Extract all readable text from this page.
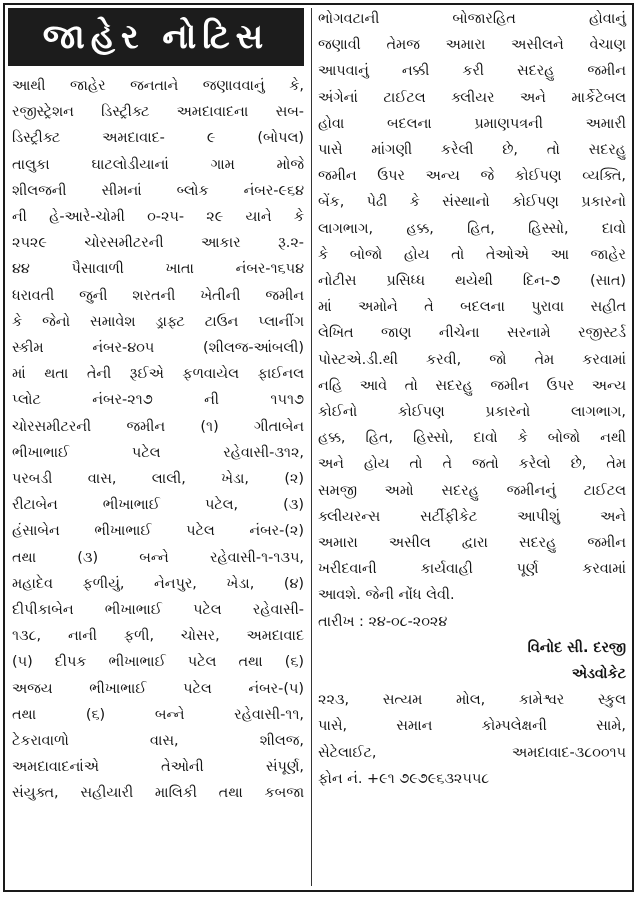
જાહેર નોટિસ
આથી જાહેર જનતાને જણાવવાનું કે,
રજીસ્ટ્રેશન ડિસ્ટ્રીક્ટ અમદાવાદના સબ-
ડિસ્ટ્રીક્ટ અમદાવાદ- ૯ (બોપલ)
તાલુકા ઘાટલોડીયાનાં ગામ મોજે
શીલજની સીમનાં બ્લોક નંબર-૯૬૪
ની હે-આરે-ચોમી ૦-૨૫- ૨૯ યાને કે
૨૫૨૯ ચોરસમીટરની આકાર રૂ.૨-
૪૪ પૈસાવાળી ખાતા નંબર-૧૬૫૪
ધરાવતી જુની શરતની ખેતીની જમીન
કે જેનો સમાવેશ ડ્રાફ્ટ ટાઉન પ્લાનીંગ
સ્કીમ નંબર-૪૦૫ (શીલજ-આંબલી)
માં થતા તેની રૂઈએ ફળવાયેલ ફાઈનલ
પ્લોટ નંબર-૨૧૭ ની ૧૫૧૭
ચોરસમીટરની જમીન (૧) ગીતાબેન
ભીખાભાઈ પટેલ રહેવાસી-૩૧૨,
પરબડી વાસ, લાલી, ખેડા, (૨)
રીટાબેન ભીખાભાઈ પટેલ, (૩)
હંસાબેન ભીખાભાઈ પટેલ નંબર-(૨)
તથા (૩) બન્ને રહેવાસી-૧-૧૩૫,
મહાદેવ ફળીયું, નેનપુર, ખેડા, (૪)
દીપીકાબેન ભીખાભાઈ પટેલ રહેવાસી-
૧૩૮, નાની ફળી, ચોસર, અમદાવાદ
(૫) દીપક ભીખાભાઈ પટેલ તથા (૬)
અજય ભીખાભાઈ પટેલ નંબર-(૫)
તથા (૬) બન્ને રહેવાસી-૧૧,
ટેકરાવાળો વાસ, શીલજ,
અમદાવાદનાંએ તેઓની સંપૂર્ણ,
સંયુક્ત, સહીયારી માલિકી તથા કબજા
ભોગવટાની બોજારહિત હોવાનું
જણાવી તેમજ અમારા અસીલને વેચાણ
આપવાનું નક્કી કરી સદરહુ જમીન
અંગેનાં ટાઈટલ ક્લીયર અને માર્કેટેબલ
હોવા બદલના પ્રમાણપત્રની અમારી
પાસે માંગણી કરેલી છે, તો સદરહુ
જમીન ઉપર અન્ય જે કોઈપણ વ્યક્તિ,
બેંક, પેઢી કે સંસ્થાનો કોઈપણ પ્રકારનો
લાગભાગ, હક્ક, હિત, હિસ્સો, દાવો
કે બોજો હોય તો તેઓએ આ જાહેર
નોટીસ પ્રસિધ્ધ થયેથી દિન-૭ (સાત)
માં અમોને તે બદલના પુરાવા સહીત
લેખિત જાણ નીચેના સરનામે રજીસ્ટર્ડ
પોસ્ટએ.ડી.થી કરવી, જો તેમ કરવામાં
નહિ આવે તો સદરહુ જમીન ઉપર અન્ય
કોઈનો કોઈપણ પ્રકારનો લાગભાગ,
હક્ક, હિત, હિસ્સો, દાવો કે બોજો નથી
અને હોય તો તે જતો કરેલો છે, તેમ
સમજી અમો સદરહુ જમીનનું ટાઈટલ
ક્લીયરન્સ સર્ટીફીકેટ આપીશું અને
અમારા અસીલ દ્વારા સદરહુ જમીન
ખરીદવાની કાર્યવાહી પૂર્ણ કરવામાં
આવશે. જેની નોંધ લેવી.
તારીખ : ૨૪-૦૮-૨૦૨૪
વિનોદ સી. દરજી
એડવોકેટ
૨૨૩, સત્યમ મોલ, કામેશ્વર સ્કુલ
પાસે, સમાન કોમ્પલેક્ષની સામે,
સેટેલાઈટ, અમદાવાદ-૩૮૦૦૧૫
ફોન નં. +૯૧ ૭૯૭૯૬૩૨૫૫૮
